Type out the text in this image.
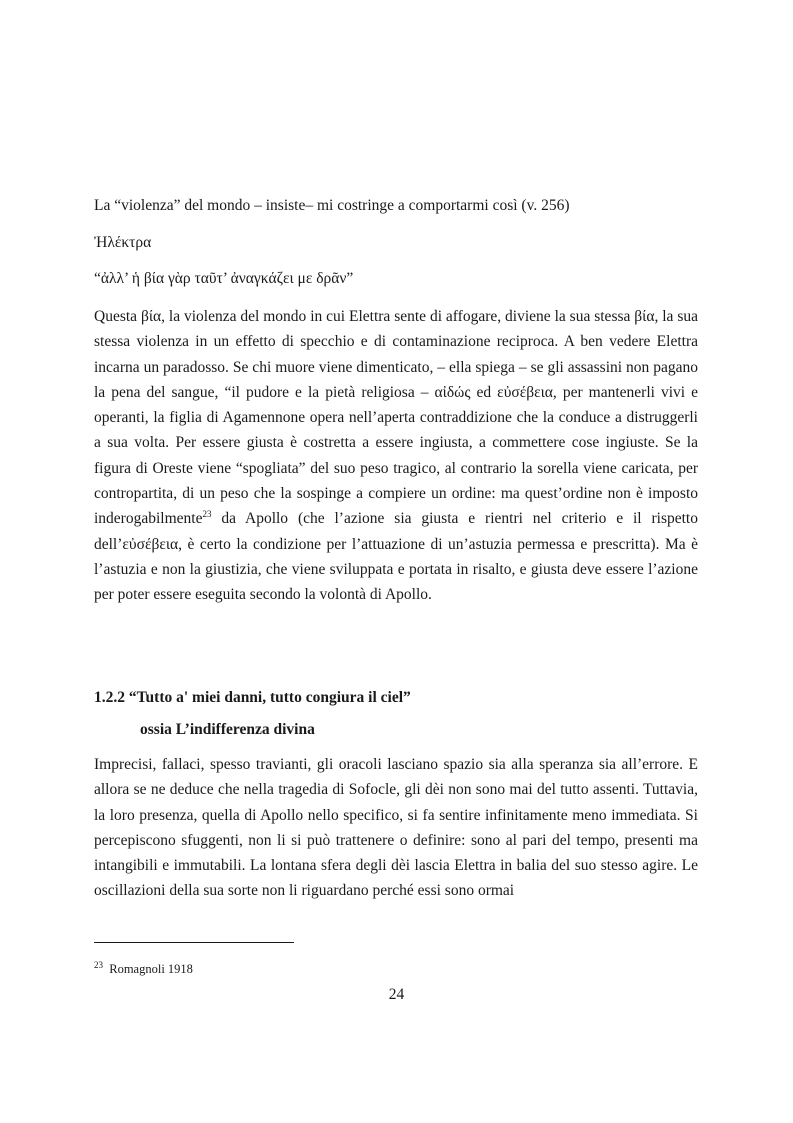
La “violenza” del mondo – insiste– mi costringe a comportarmi così (v. 256)
Ἠλέκτρα
“ἀλλ’ ἡ βία γὰρ ταῦτ’ ἀναγκάζει με δρᾶν”

Questa βία, la violenza del mondo in cui Elettra sente di affogare, diviene la sua stessa βία, la sua stessa violenza in un effetto di specchio e di contaminazione reciproca. A ben vedere Elettra incarna un paradosso. Se chi muore viene dimenticato, – ella spiega – se gli assassini non pagano la pena del sangue, “il pudore e la pietà religiosa – αἰδώς ed εὐσέβεια, per mantenerli vivi e operanti, la figlia di Agamennone opera nell’aperta contraddizione che la conduce a distruggerli a sua volta. Per essere giusta è costretta a essere ingiusta, a commettere cose ingiuste. Se la figura di Oreste viene “spogliata” del suo peso tragico, al contrario la sorella viene caricata, per contropartita, di un peso che la sospinge a compiere un ordine: ma quest’ordine non è imposto inderogabilmente$^{23}$ da Apollo (che l’azione sia giusta e rientri nel criterio e il rispetto dell’εὐσέβεια, è certo la condizione per l’attuazione di un’astuzia permessa e prescritta). Ma è l’astuzia e non la giustizia, che viene sviluppata e portata in risalto, e giusta deve essere l’azione per poter essere eseguita secondo la volontà di Apollo.

1.2.2 “Tutto a' miei danni, tutto congiura il ciel”
ossia L’indifferenza divina

Imprecisi, fallaci, spesso travianti, gli oracoli lasciano spazio sia alla speranza sia all’errore. E allora se ne deduce che nella tragedia di Sofocle, gli dèi non sono mai del tutto assenti. Tuttavia, la loro presenza, quella di Apollo nello specifico, si fa sentire infinitamente meno immediata. Si percepiscono sfuggenti, non li si può trattenere o definire: sono al pari del tempo, presenti ma intangibili e immutabili. La lontana sfera degli dèi lascia Elettra in balia del suo stesso agire. Le oscillazioni della sua sorte non li riguardano perché essi sono ormai

$^{23}$ Romagnoli 1918
24
